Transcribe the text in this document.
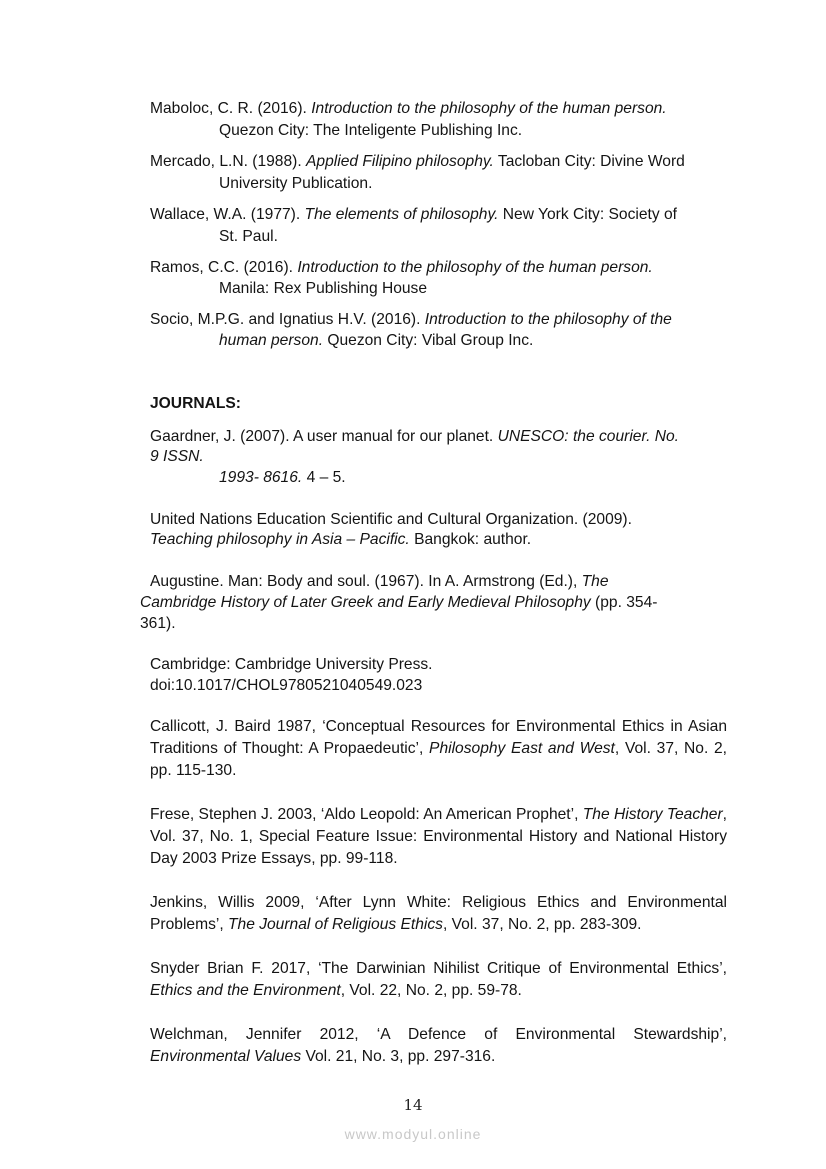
Maboloc, C. R. (2016). Introduction to the philosophy of the human person.
Quezon City: The Inteligente Publishing Inc.
Mercado, L.N. (1988). Applied Filipino philosophy. Tacloban City: Divine Word
University Publication.
Wallace, W.A. (1977). The elements of philosophy. New York City: Society of
St. Paul.
Ramos, C.C. (2016). Introduction to the philosophy of the human person.
Manila: Rex Publishing House
Socio, M.P.G. and Ignatius H.V. (2016). Introduction to the philosophy of the
human person. Quezon City: Vibal Group Inc.
JOURNALS:
Gaardner, J. (2007). A user manual for our planet. UNESCO: the courier. No.
9 ISSN.
1993- 8616. 4 – 5.
United Nations Education Scientific and Cultural Organization. (2009).
Teaching philosophy in Asia – Pacific. Bangkok: author.
Augustine. Man: Body and soul. (1967). In A. Armstrong (Ed.), The
Cambridge History of Later Greek and Early Medieval Philosophy (pp. 354-
361).
Cambridge: Cambridge University Press.
doi:10.1017/CHOL9780521040549.023
Callicott, J. Baird 1987, ‘Conceptual Resources for Environmental Ethics in Asian Traditions of Thought: A Propaedeutic’, Philosophy East and West, Vol. 37, No. 2, pp. 115-130.
Frese, Stephen J. 2003, ‘Aldo Leopold: An American Prophet’, The History Teacher, Vol. 37, No. 1, Special Feature Issue: Environmental History and National History Day 2003 Prize Essays, pp. 99-118.
Jenkins, Willis 2009, ‘After Lynn White: Religious Ethics and Environmental Problems’, The Journal of Religious Ethics, Vol. 37, No. 2, pp. 283-309.
Snyder Brian F. 2017, ‘The Darwinian Nihilist Critique of Environmental Ethics’, Ethics and the Environment, Vol. 22, No. 2, pp. 59-78.
Welchman, Jennifer 2012, ‘A Defence of Environmental Stewardship’, Environmental Values Vol. 21, No. 3, pp. 297-316.
14
www.modyul.online
